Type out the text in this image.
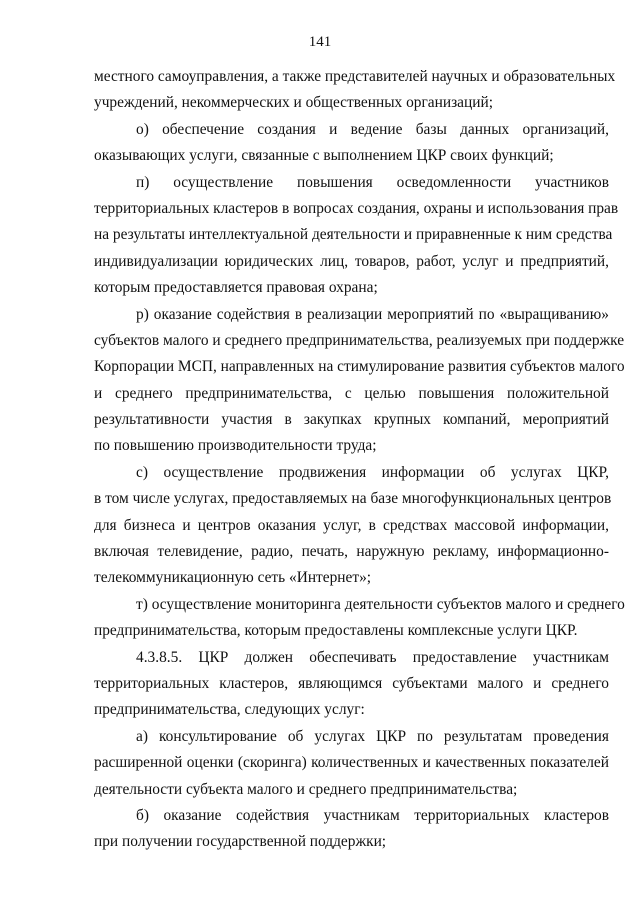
141
местного самоуправления, а также представителей научных и образовательных
учреждений, некоммерческих и общественных организаций;
о) обеспечение создания и ведение базы данных организаций,
оказывающих услуги, связанные с выполнением ЦКР своих функций;
п) осуществление повышения осведомленности участников
территориальных кластеров в вопросах создания, охраны и использования прав
на результаты интеллектуальной деятельности и приравненные к ним средства
индивидуализации юридических лиц, товаров, работ, услуг и предприятий,
которым предоставляется правовая охрана;
р) оказание содействия в реализации мероприятий по «выращиванию»
субъектов малого и среднего предпринимательства, реализуемых при поддержке
Корпорации МСП, направленных на стимулирование развития субъектов малого
и среднего предпринимательства, с целью повышения положительной
результативности участия в закупках крупных компаний, мероприятий
по повышению производительности труда;
с) осуществление продвижения информации об услугах ЦКР,
в том числе услугах, предоставляемых на базе многофункциональных центров
для бизнеса и центров оказания услуг, в средствах массовой информации,
включая телевидение, радио, печать, наружную рекламу, информационно-
телекоммуникационную сеть «Интернет»;
т) осуществление мониторинга деятельности субъектов малого и среднего
предпринимательства, которым предоставлены комплексные услуги ЦКР.
4.3.8.5. ЦКР должен обеспечивать предоставление участникам
территориальных кластеров, являющимся субъектами малого и среднего
предпринимательства, следующих услуг:
а) консультирование об услугах ЦКР по результатам проведения
расширенной оценки (скоринга) количественных и качественных показателей
деятельности субъекта малого и среднего предпринимательства;
б) оказание содействия участникам территориальных кластеров
при получении государственной поддержки;
